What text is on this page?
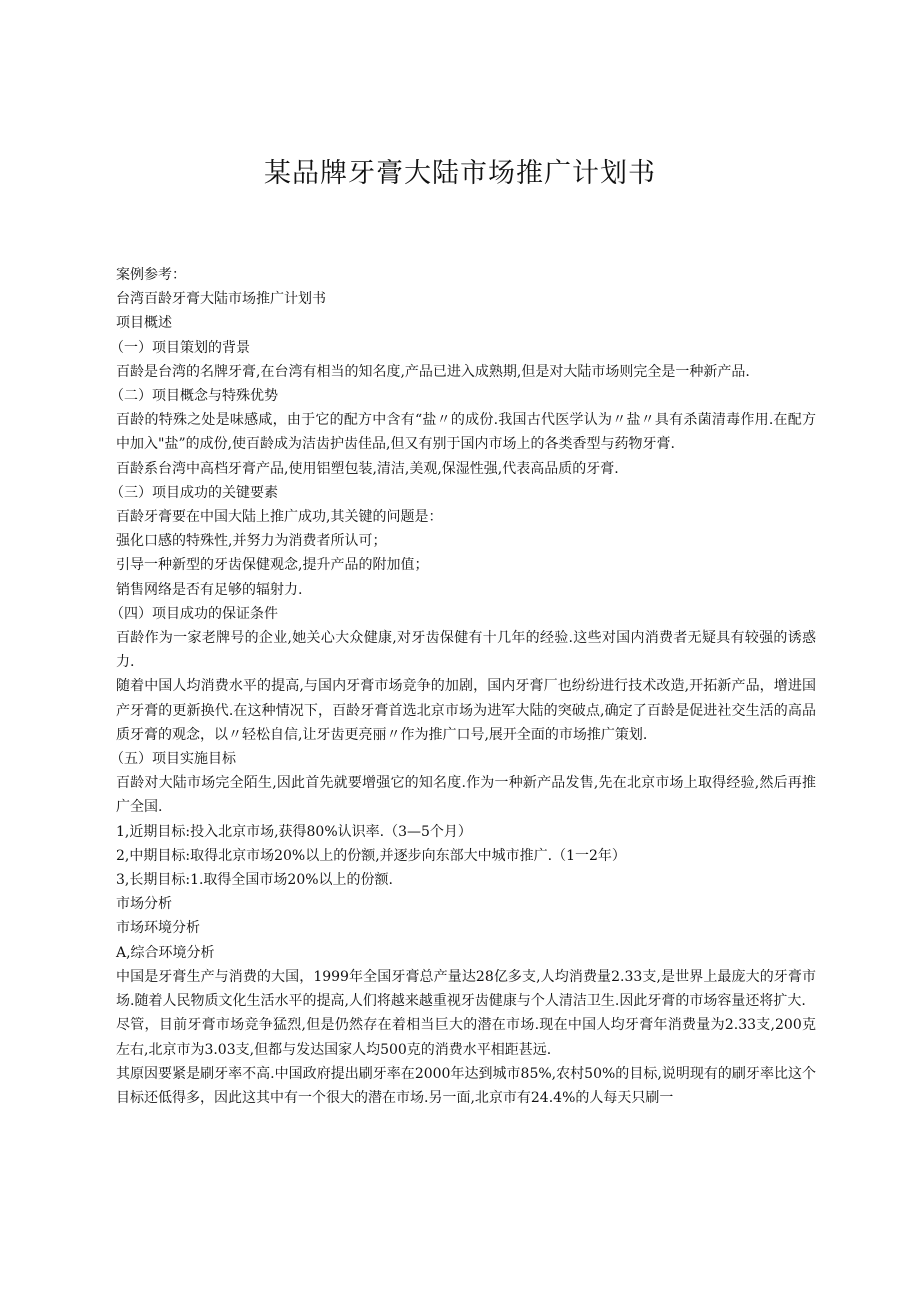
某品牌牙膏大陆市场推广计划书

案例参考：

台湾百龄牙膏大陆市场推广计划书

项目概述

（一）项目策划的背景

百龄是台湾的名牌牙膏,在台湾有相当的知名度,产品已进入成熟期,但是对大陆市场则完全是一种新产品.

（二）项目概念与特殊优势

百龄的特殊之处是味感咸，由于它的配方中含有“盐〃的成份.我国古代医学认为〃盐〃具有杀菌清毒作用.在配方中加入"盐”的成份,使百龄成为洁齿护齿佳品,但又有别于国内市场上的各类香型与药物牙膏.

百龄系台湾中高档牙膏产品,使用铝塑包装,清洁,美观,保湿性强,代表高品质的牙膏.

（三）项目成功的关键要素

百龄牙膏要在中国大陆上推广成功,其关键的问题是：

强化口感的特殊性,并努力为消费者所认可；

引导一种新型的牙齿保健观念,提升产品的附加值；

销售网络是否有足够的辐射力.

（四）项目成功的保证条件

百龄作为一家老牌号的企业,她关心大众健康,对牙齿保健有十几年的经验.这些对国内消费者无疑具有较强的诱惑力.

随着中国人均消费水平的提高,与国内牙膏市场竞争的加剧，国内牙膏厂也纷纷进行技术改造,开拓新产品，增进国产牙膏的更新换代.在这种情况下，百龄牙膏首选北京市场为进军大陆的突破点,确定了百龄是促进社交生活的高品质牙膏的观念，以〃轻松自信,让牙齿更亮丽〃作为推广口号,展开全面的市场推广策划.

（五）项目实施目标

百龄对大陆市场完全陌生,因此首先就要增强它的知名度.作为一种新产品发售,先在北京市场上取得经验,然后再推广全国.

1,近期目标:投入北京市场,获得80%认识率.（3—5个月）

2,中期目标:取得北京市场20%以上的份额,并逐步向东部大中城市推广.（1一2年）

3,长期目标:1.取得全国市场20%以上的份额.

市场分析

市场环境分析

A,综合环境分析

中国是牙膏生产与消费的大国，1999年全国牙膏总产量达28亿多支,人均消费量2.33支,是世界上最庞大的牙膏市场.随着人民物质文化生活水平的提高,人们将越来越重视牙齿健康与个人清洁卫生.因此牙膏的市场容量还将扩大.

尽管，目前牙膏市场竞争猛烈,但是仍然存在着相当巨大的潜在市场.现在中国人均牙膏年消费量为2.33支,200克左右,北京市为3.03支,但都与发达国家人均500克的消费水平相距甚远.

其原因要紧是刷牙率不高.中国政府提出刷牙率在2000年达到城市85%,农村50%的目标,说明现有的刷牙率比这个目标还低得多，因此这其中有一个很大的潜在市场.另一面,北京市有24.4%的人每天只刷一
